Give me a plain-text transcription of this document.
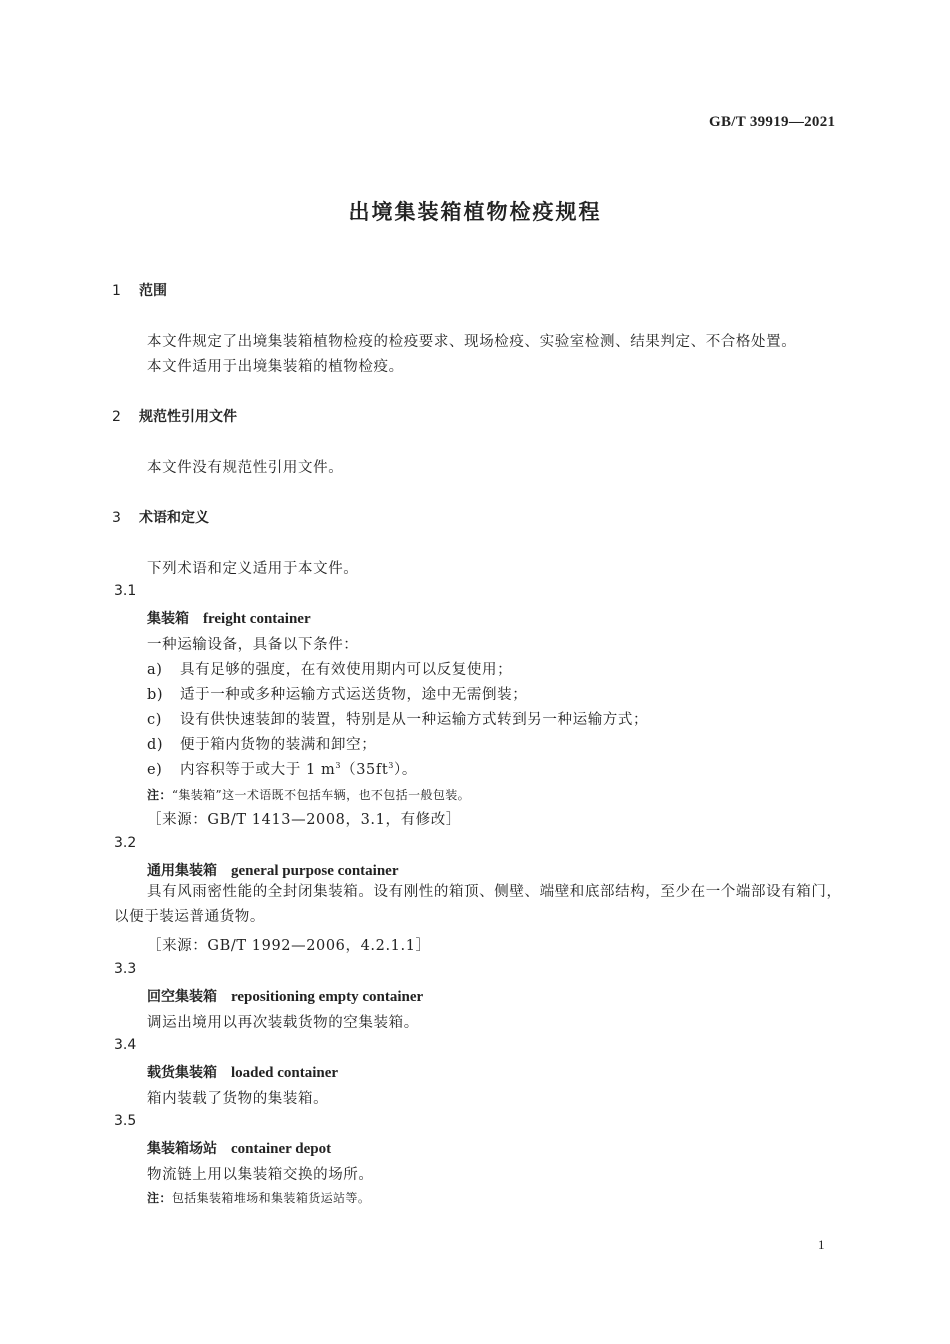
GB/T 39919—2021
出境集装箱植物检疫规程
1 范围
本文件规定了出境集装箱植物检疫的检疫要求、现场检疫、实验室检测、结果判定、不合格处置。
本文件适用于出境集装箱的植物检疫。
2 规范性引用文件
本文件没有规范性引用文件。
3 术语和定义
下列术语和定义适用于本文件。
3.1
集装箱 freight container
一种运输设备，具备以下条件：
a) 具有足够的强度，在有效使用期内可以反复使用；
b) 适于一种或多种运输方式运送货物，途中无需倒装；
c) 设有供快速装卸的装置，特别是从一种运输方式转到另一种运输方式；
d) 便于箱内货物的装满和卸空；
e) 内容积等于或大于 1 $m^3(35ft^3)$。
注：“集装箱”这一术语既不包括车辆，也不包括一般包装。
［来源：GB/T 1413—2008，3.1，有修改］
3.2
通用集装箱 general purpose container
具有风雨密性能的全封闭集装箱。设有刚性的箱顶、侧壁、端壁和底部结构，至少在一个端部设有箱门，以便于装运普通货物。
［来源：GB/T 1992—2006，4.2.1.1］
3.3
回空集装箱 repositioning empty container
调运出境用以再次装载货物的空集装箱。
3.4
载货集装箱 loaded container
箱内装载了货物的集装箱。
3.5
集装箱场站 container depot
物流链上用以集装箱交换的场所。
注：包括集装箱堆场和集装箱货运站等。
1
